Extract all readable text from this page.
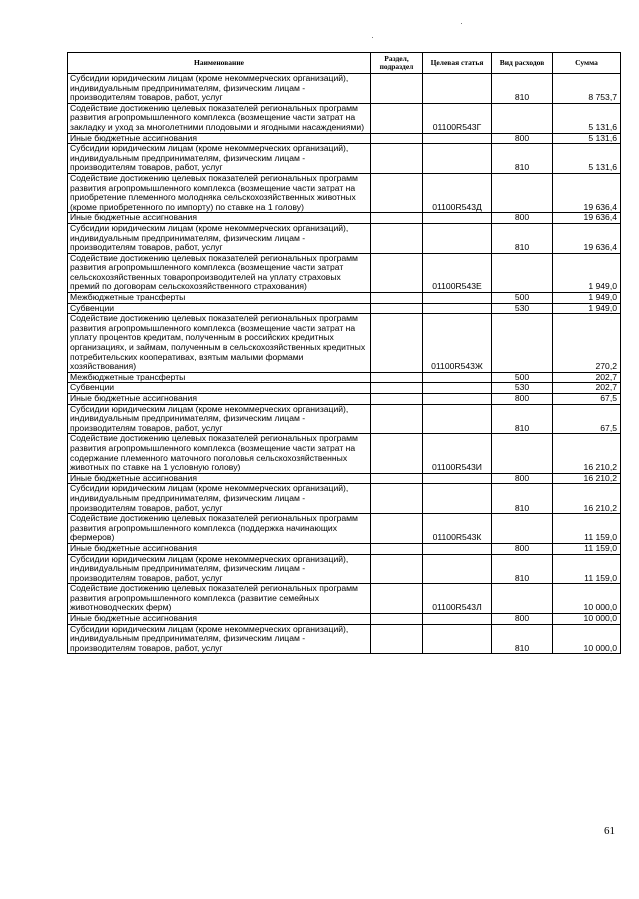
Наименование	Раздел, подраздел	Целевая статья	Вид расходов	Сумма
Субсидии юридическим лицам (кроме некоммерческих организаций), индивидуальным предпринимателям, физическим лицам - производителям товаров, работ, услуг			810	8 753,7
Содействие достижению целевых показателей региональных программ развития агропромышленного комплекса (возмещение части затрат на закладку и уход за многолетними плодовыми и ягодными насаждениями)		01100R543Г		5 131,6
Иные бюджетные ассигнования			800	5 131,6
Субсидии юридическим лицам (кроме некоммерческих организаций), индивидуальным предпринимателям, физическим лицам - производителям товаров, работ, услуг			810	5 131,6
Содействие достижению целевых показателей региональных программ развития агропромышленного комплекса (возмещение части затрат на приобретение племенного молодняка сельскохозяйственных животных (кроме приобретенного по импорту) по ставке на 1 голову)		01100R543Д		19 636,4
Иные бюджетные ассигнования			800	19 636,4
Субсидии юридическим лицам (кроме некоммерческих организаций), индивидуальным предпринимателям, физическим лицам - производителям товаров, работ, услуг			810	19 636,4
Содействие достижению целевых показателей региональных программ развития агропромышленного комплекса (возмещение части затрат сельскохозяйственных товаропроизводителей на уплату страховых премий по договорам сельскохозяйственного страхования)		01100R543Е		1 949,0
Межбюджетные трансферты			500	1 949,0
Субвенции			530	1 949,0
Содействие достижению целевых показателей региональных программ развития агропромышленного комплекса (возмещение части затрат на уплату процентов кредитам, полученным в российских кредитных организациях, и займам, полученным в сельскохозяйственных кредитных потребительских кооперативах, взятым малыми формами хозяйствования)		01100R543Ж		270,2
Межбюджетные трансферты			500	202,7
Субвенции			530	202,7
Иные бюджетные ассигнования			800	67,5
Субсидии юридическим лицам (кроме некоммерческих организаций), индивидуальным предпринимателям, физическим лицам - производителям товаров, работ, услуг			810	67,5
Содействие достижению целевых показателей региональных программ развития агропромышленного комплекса (возмещение части затрат на содержание племенного маточного поголовья сельскохозяйственных животных по ставке на 1 условную голову)		01100R543И		16 210,2
Иные бюджетные ассигнования			800	16 210,2
Субсидии юридическим лицам (кроме некоммерческих организаций), индивидуальным предпринимателям, физическим лицам - производителям товаров, работ, услуг			810	16 210,2
Содействие достижению целевых показателей региональных программ развития агропромышленного комплекса (поддержка начинающих фермеров)		01100R543К		11 159,0
Иные бюджетные ассигнования			800	11 159,0
Субсидии юридическим лицам (кроме некоммерческих организаций), индивидуальным предпринимателям, физическим лицам - производителям товаров, работ, услуг			810	11 159,0
Содействие достижению целевых показателей региональных программ развития агропромышленного комплекса (развитие семейных животноводческих ферм)		01100R543Л		10 000,0
Иные бюджетные ассигнования			800	10 000,0
Субсидии юридическим лицам (кроме некоммерческих организаций), индивидуальным предпринимателям, физическим лицам - производителям товаров, работ, услуг			810	10 000,0
61
